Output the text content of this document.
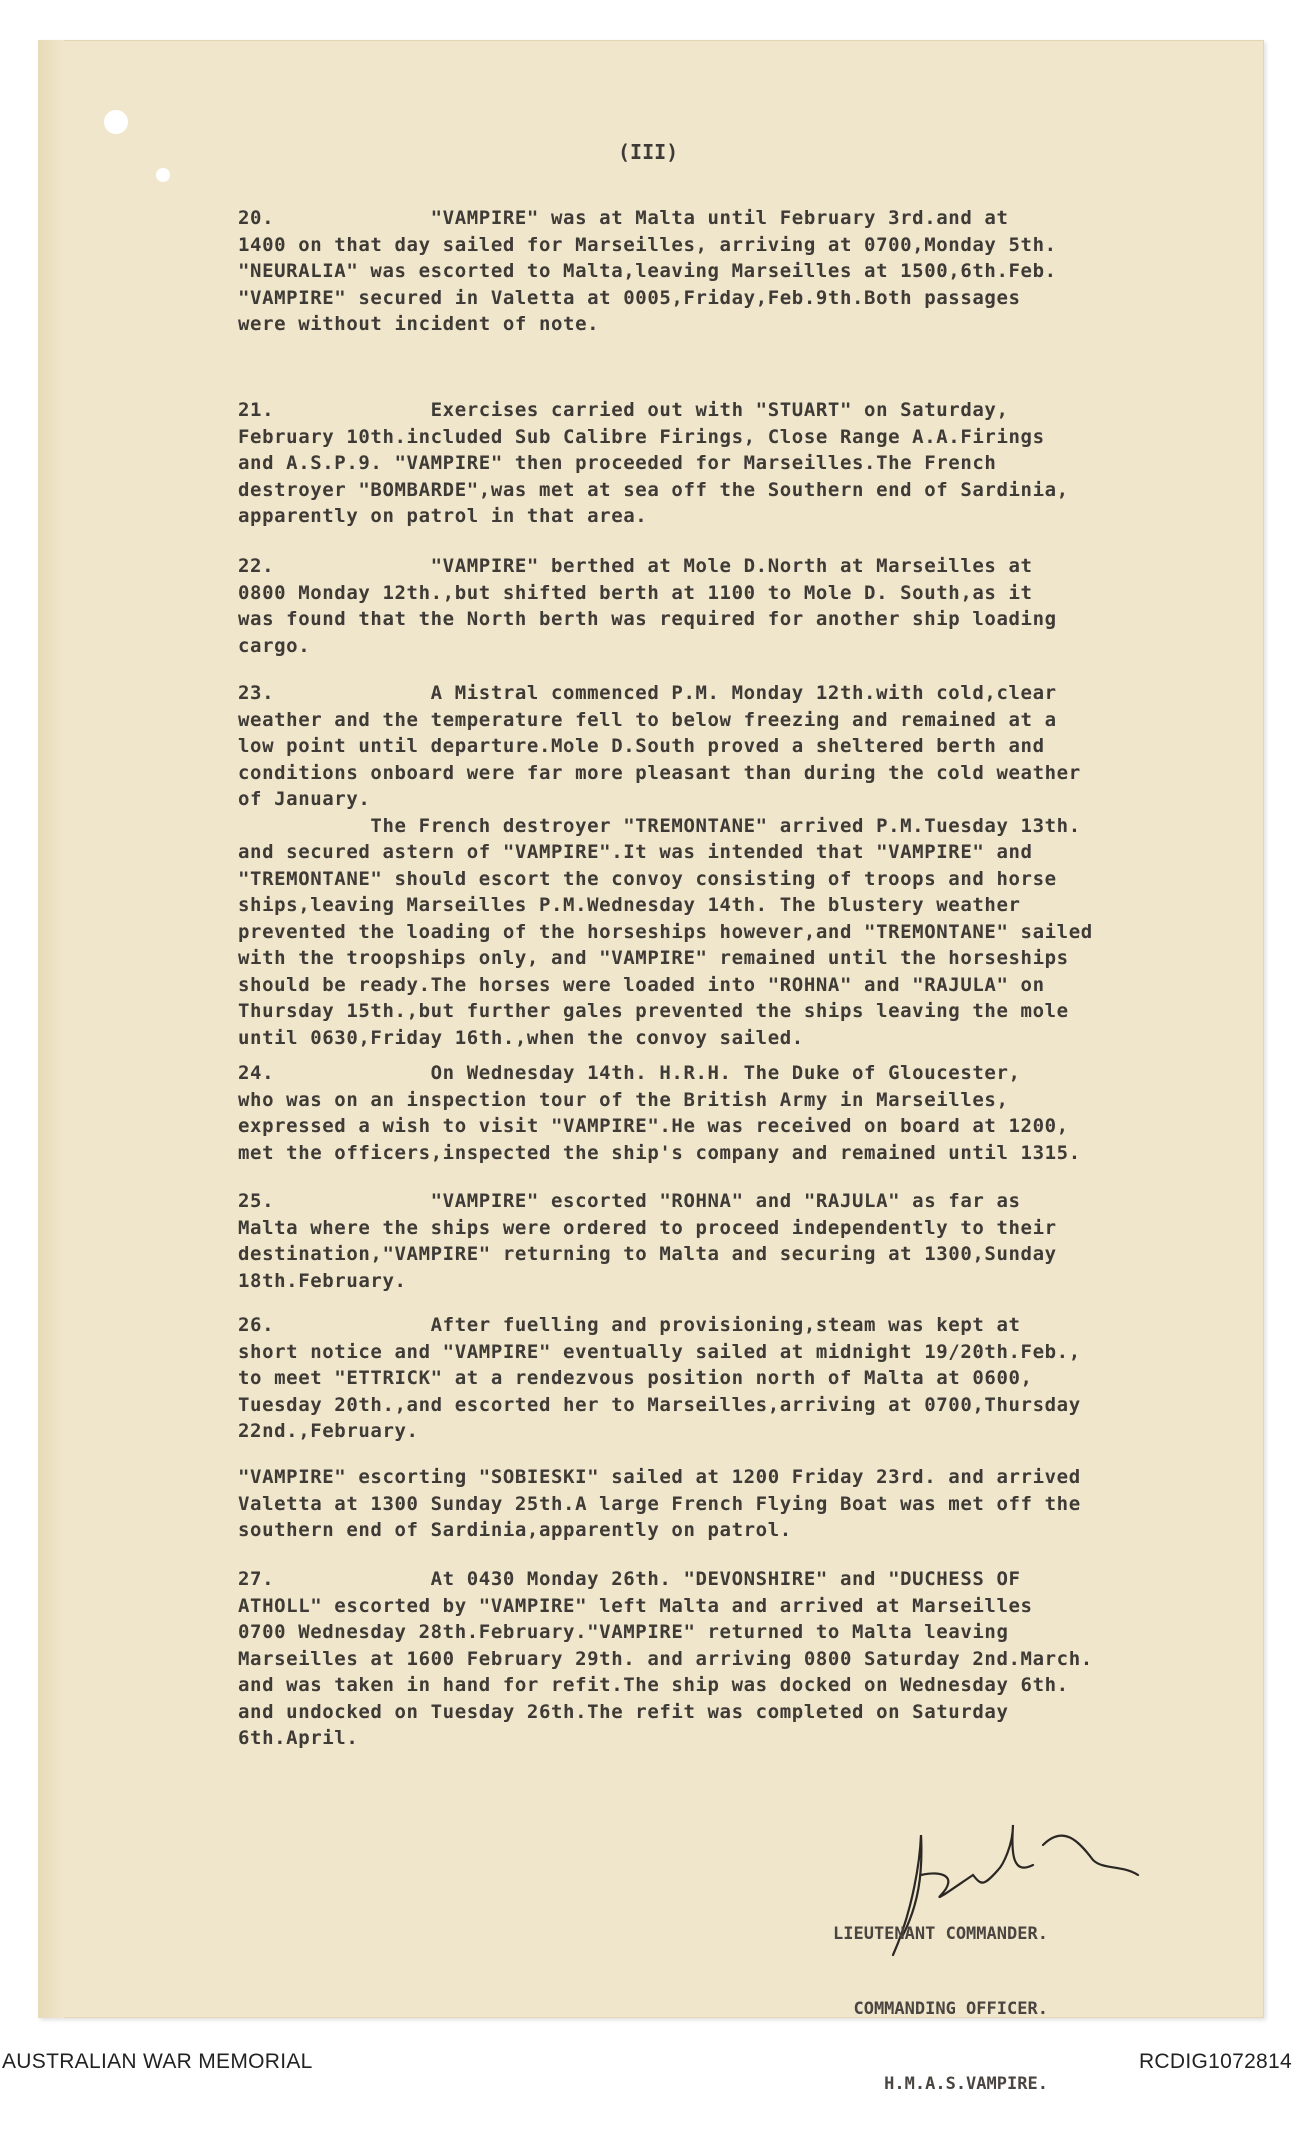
(III)

20.             "VAMPIRE" was at Malta until February 3rd.and at
1400 on that day sailed for Marseilles, arriving at 0700,Monday 5th.
"NEURALIA" was escorted to Malta,leaving Marseilles at 1500,6th.Feb.
"VAMPIRE" secured in Valetta at 0005,Friday,Feb.9th.Both passages
were without incident of note.

21.             Exercises carried out with "STUART" on Saturday,
February 10th.included Sub Calibre Firings, Close Range A.A.Firings
and A.S.P.9. "VAMPIRE" then proceeded for Marseilles.The French
destroyer "BOMBARDE",was met at sea off the Southern end of Sardinia,
apparently on patrol in that area.

22.             "VAMPIRE" berthed at Mole D.North at Marseilles at
0800 Monday 12th.,but shifted berth at 1100 to Mole D. South,as it
was found that the North berth was required for another ship loading
cargo.

23.             A Mistral commenced P.M. Monday 12th.with cold,clear
weather and the temperature fell to below freezing and remained at a
low point until departure.Mole D.South proved a sheltered berth and
conditions onboard were far more pleasant than during the cold weather
of January.
The French destroyer "TREMONTANE" arrived P.M.Tuesday 13th.
and secured astern of "VAMPIRE".It was intended that "VAMPIRE" and
"TREMONTANE" should escort the convoy consisting of troops and horse
ships,leaving Marseilles P.M.Wednesday 14th. The blustery weather
prevented the loading of the horseships however,and "TREMONTANE" sailed
with the troopships only, and "VAMPIRE" remained until the horseships
should be ready.The horses were loaded into "ROHNA" and "RAJULA" on
Thursday 15th.,but further gales prevented the ships leaving the mole
until 0630,Friday 16th.,when the convoy sailed.

24.             On Wednesday 14th. H.R.H. The Duke of Gloucester,
who was on an inspection tour of the British Army in Marseilles,
expressed a wish to visit "VAMPIRE".He was received on board at 1200,
met the officers,inspected the ship's company and remained until 1315.

25.             "VAMPIRE" escorted "ROHNA" and "RAJULA" as far as
Malta where the ships were ordered to proceed independently to their
destination,"VAMPIRE" returning to Malta and securing at 1300,Sunday
18th.February.

26.             After fuelling and provisioning,steam was kept at
short notice and "VAMPIRE" eventually sailed at midnight 19/20th.Feb.,
to meet "ETTRICK" at a rendezvous position north of Malta at 0600,
Tuesday 20th.,and escorted her to Marseilles,arriving at 0700,Thursday
22nd.,February.

"VAMPIRE" escorting "SOBIESKI" sailed at 1200 Friday 23rd. and arrived
Valetta at 1300 Sunday 25th.A large French Flying Boat was met off the
southern end of Sardinia,apparently on patrol.

27.             At 0430 Monday 26th. "DEVONSHIRE" and "DUCHESS OF
ATHOLL" escorted by "VAMPIRE" left Malta and arrived at Marseilles
0700 Wednesday 28th.February."VAMPIRE" returned to Malta leaving
Marseilles at 1600 February 29th. and arriving 0800 Saturday 2nd.March.
and was taken in hand for refit.The ship was docked on Wednesday 6th.
and undocked on Tuesday 26th.The refit was completed on Saturday
6th.April.

LIEUTENANT COMMANDER.

COMMANDING OFFICER.

H.M.A.S.VAMPIRE.

AUSTRALIAN WAR MEMORIAL	RCDIG1072814
